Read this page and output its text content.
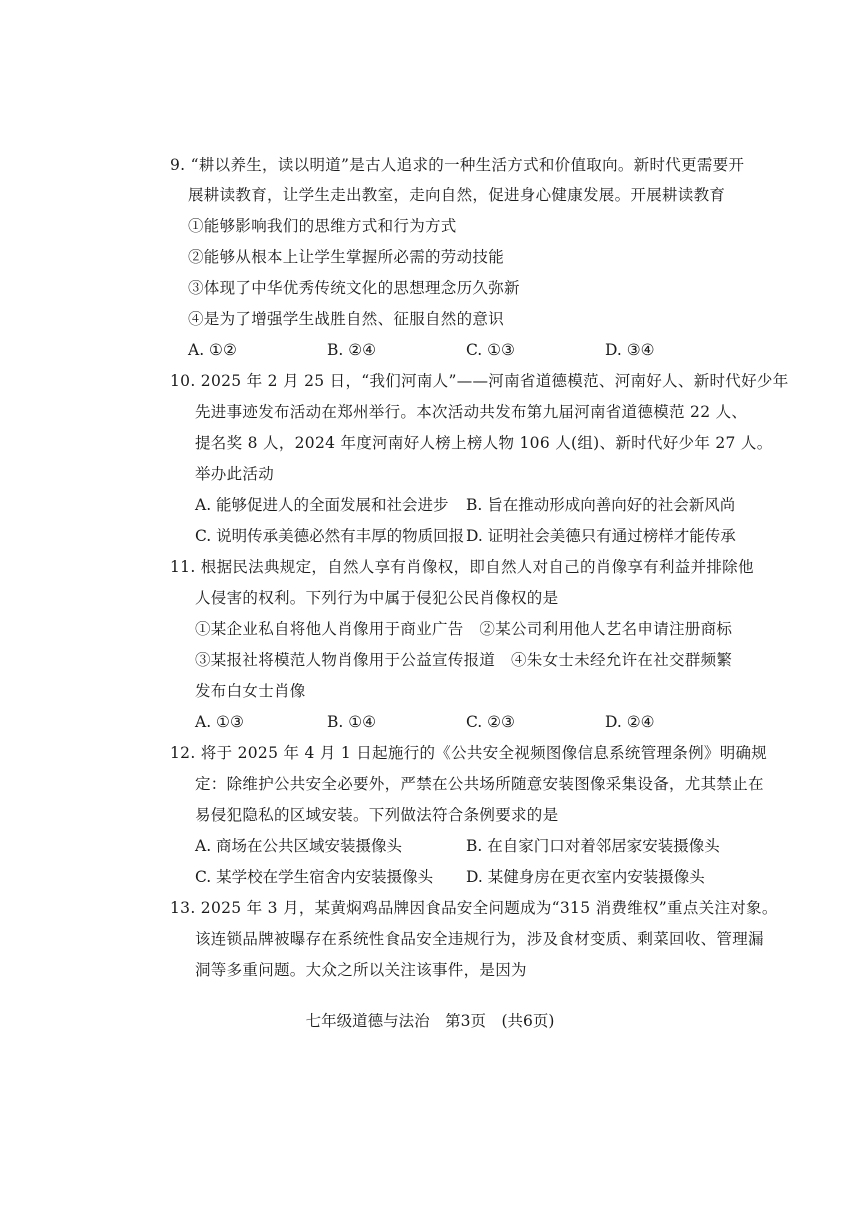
9. “耕以养生，读以明道”是古人追求的一种生活方式和价值取向。新时代更需要开
展耕读教育，让学生走出教室，走向自然，促进身心健康发展。开展耕读教育
①能够影响我们的思维方式和行为方式
②能够从根本上让学生掌握所必需的劳动技能
③体现了中华优秀传统文化的思想理念历久弥新
④是为了增强学生战胜自然、征服自然的意识
A. ①②	B. ②④	C. ①③	D. ③④
10. 2025 年 2 月 25 日，“我们河南人”——河南省道德模范、河南好人、新时代好少年
先进事迹发布活动在郑州举行。本次活动共发布第九届河南省道德模范 22 人、
提名奖 8 人，2024 年度河南好人榜上榜人物 106 人(组)、新时代好少年 27 人。
举办此活动
A. 能够促进人的全面发展和社会进步 B. 旨在推动形成向善向好的社会新风尚
C. 说明传承美德必然有丰厚的物质回报 D. 证明社会美德只有通过榜样才能传承
11. 根据民法典规定，自然人享有肖像权，即自然人对自己的肖像享有利益并排除他
人侵害的权利。下列行为中属于侵犯公民肖像权的是
①某企业私自将他人肖像用于商业广告　②某公司利用他人艺名申请注册商标
③某报社将模范人物肖像用于公益宣传报道　④朱女士未经允许在社交群频繁
发布白女士肖像
A. ①③	B. ①④	C. ②③	D. ②④
12. 将于 2025 年 4 月 1 日起施行的《公共安全视频图像信息系统管理条例》明确规
定：除维护公共安全必要外，严禁在公共场所随意安装图像采集设备，尤其禁止在
易侵犯隐私的区域安装。下列做法符合条例要求的是
A. 商场在公共区域安装摄像头	B. 在自家门口对着邻居家安装摄像头
C. 某学校在学生宿舍内安装摄像头 D. 某健身房在更衣室内安装摄像头
13. 2025 年 3 月，某黄焖鸡品牌因食品安全问题成为“315 消费维权”重点关注对象。
该连锁品牌被曝存在系统性食品安全违规行为，涉及食材变质、剩菜回收、管理漏
洞等多重问题。大众之所以关注该事件，是因为
七年级道德与法治　第3页　(共6页)
